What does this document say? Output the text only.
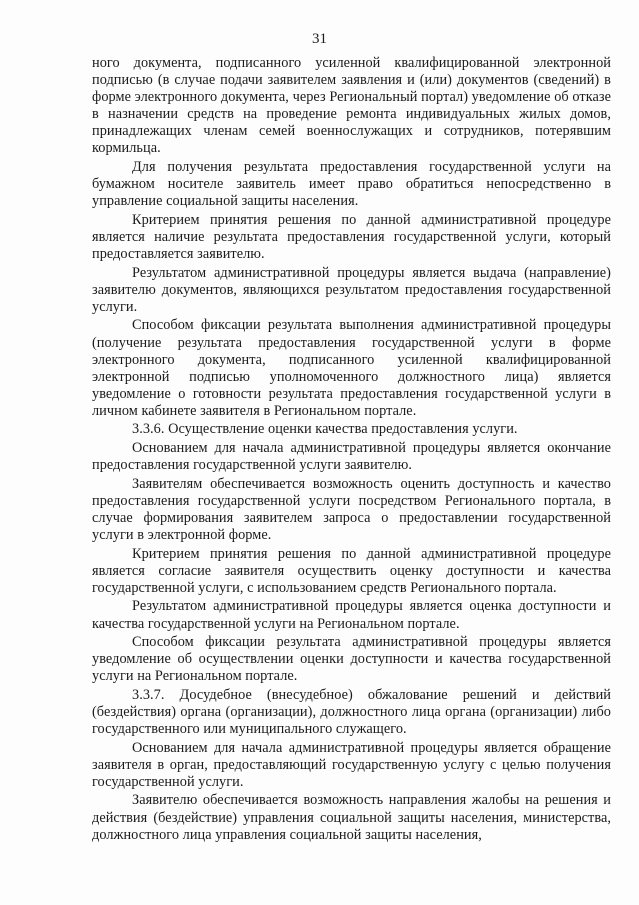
31

ного документа, подписанного усиленной квалифицированной электронной подписью (в случае подачи заявителем заявления и (или) документов (сведений) в форме электронного документа, через Региональный портал) уведомление об отказе в назначении средств на проведение ремонта индивидуальных жилых домов, принадлежащих членам семей военнослужащих и сотрудников, потерявшим кормильца.

Для получения результата предоставления государственной услуги на бумажном носителе заявитель имеет право обратиться непосредственно в управление социальной защиты населения.

Критерием принятия решения по данной административной процедуре является наличие результата предоставления государственной услуги, который предоставляется заявителю.

Результатом административной процедуры является выдача (направление) заявителю документов, являющихся результатом предоставления государственной услуги.

Способом фиксации результата выполнения административной процедуры (получение результата предоставления государственной услуги в форме электронного документа, подписанного усиленной квалифицированной электронной подписью уполномоченного должностного лица) является уведомление о готовности результата предоставления государственной услуги в личном кабинете заявителя в Региональном портале.

3.3.6. Осуществление оценки качества предоставления услуги.

Основанием для начала административной процедуры является окончание предоставления государственной услуги заявителю.

Заявителям обеспечивается возможность оценить доступность и качество предоставления государственной услуги посредством Регионального портала, в случае формирования заявителем запроса о предоставлении государственной услуги в электронной форме.

Критерием принятия решения по данной административной процедуре является согласие заявителя осуществить оценку доступности и качества государственной услуги, с использованием средств Регионального портала.

Результатом административной процедуры является оценка доступности и качества государственной услуги на Региональном портале.

Способом фиксации результата административной процедуры является уведомление об осуществлении оценки доступности и качества государственной услуги на Региональном портале.

3.3.7. Досудебное (внесудебное) обжалование решений и действий (бездействия) органа (организации), должностного лица органа (организации) либо государственного или муниципального служащего.

Основанием для начала административной процедуры является обращение заявителя в орган, предоставляющий государственную услугу с целью получения государственной услуги.

Заявителю обеспечивается возможность направления жалобы на решения и действия (бездействие) управления социальной защиты населения, министерства, должностного лица управления социальной защиты населения,
